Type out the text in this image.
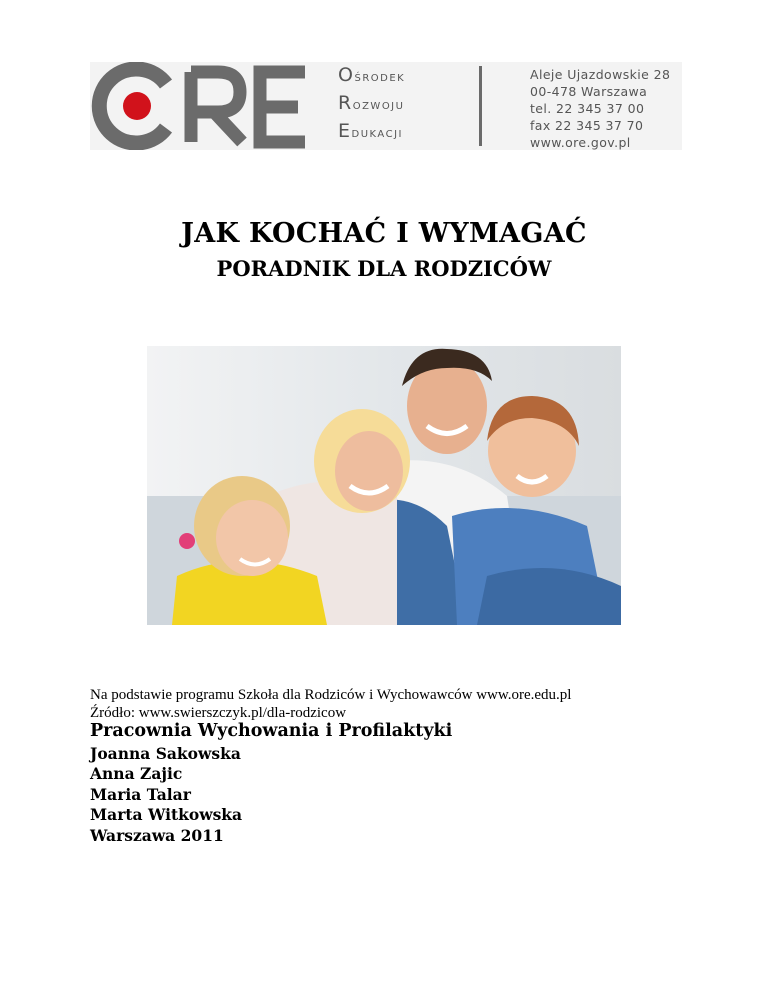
Ośrodek
Rozwoju
Edukacji
Aleje Ujazdowskie 28
00-478 Warszawa
tel. 22 345 37 00
fax 22 345 37 70
www.ore.gov.pl
JAK KOCHAĆ I WYMAGAĆ
PORADNIK DLA RODZICÓW
Na podstawie programu Szkoła dla Rodziców i Wychowawców www.ore.edu.pl
Źródło: www.swierszczyk.pl/dla-rodzicow
Pracownia Wychowania i Profilaktyki
Joanna Sakowska
Anna Zajic
Maria Talar
Marta Witkowska
Warszawa 2011
